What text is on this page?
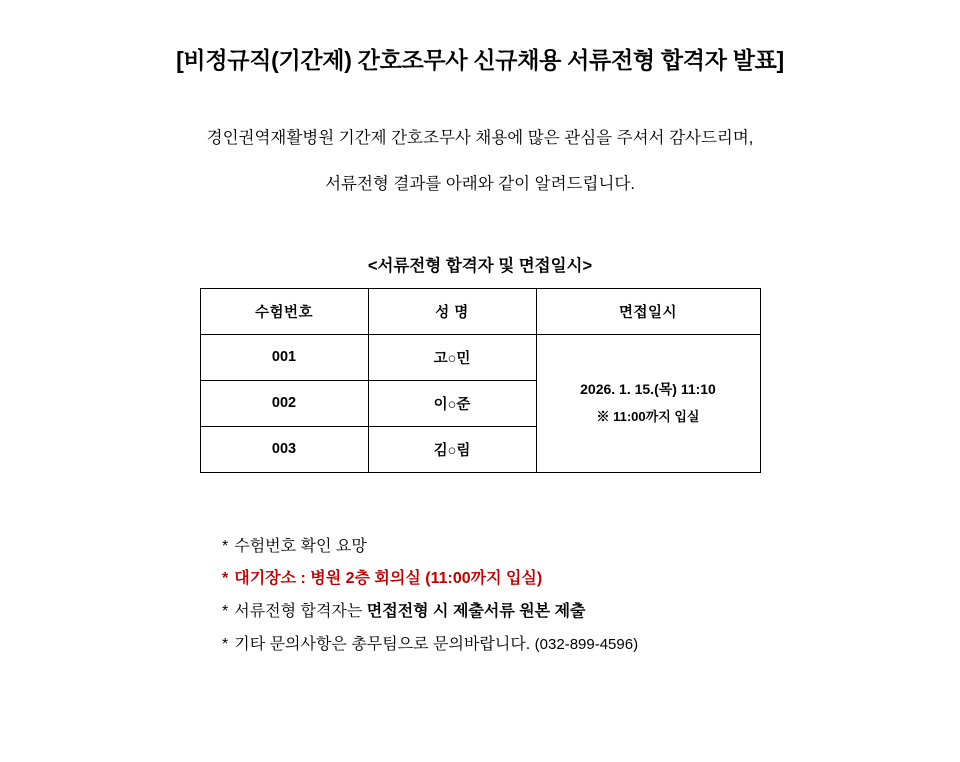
[비정규직(기간제) 간호조무사 신규채용 서류전형 합격자 발표]
경인권역재활병원 기간제 간호조무사 채용에 많은 관심을 주셔서 감사드리며,
서류전형 결과를 아래와 같이 알려드립니다.
<서류전형 합격자 및 면접일시>
수험번호	성 명	면접일시
001	고○민	2026. 1. 15.(목) 11:10
※ 11:00까지 입실

002	이○준	
003	김○림	
* 수험번호 확인 요망
* 대기장소 : 병원 2층 회의실 (11:00까지 입실)
* 서류전형 합격자는 면접전형 시 제출서류 원본 제출
* 기타 문의사항은 총무팀으로 문의바랍니다. (032-899-4596)
